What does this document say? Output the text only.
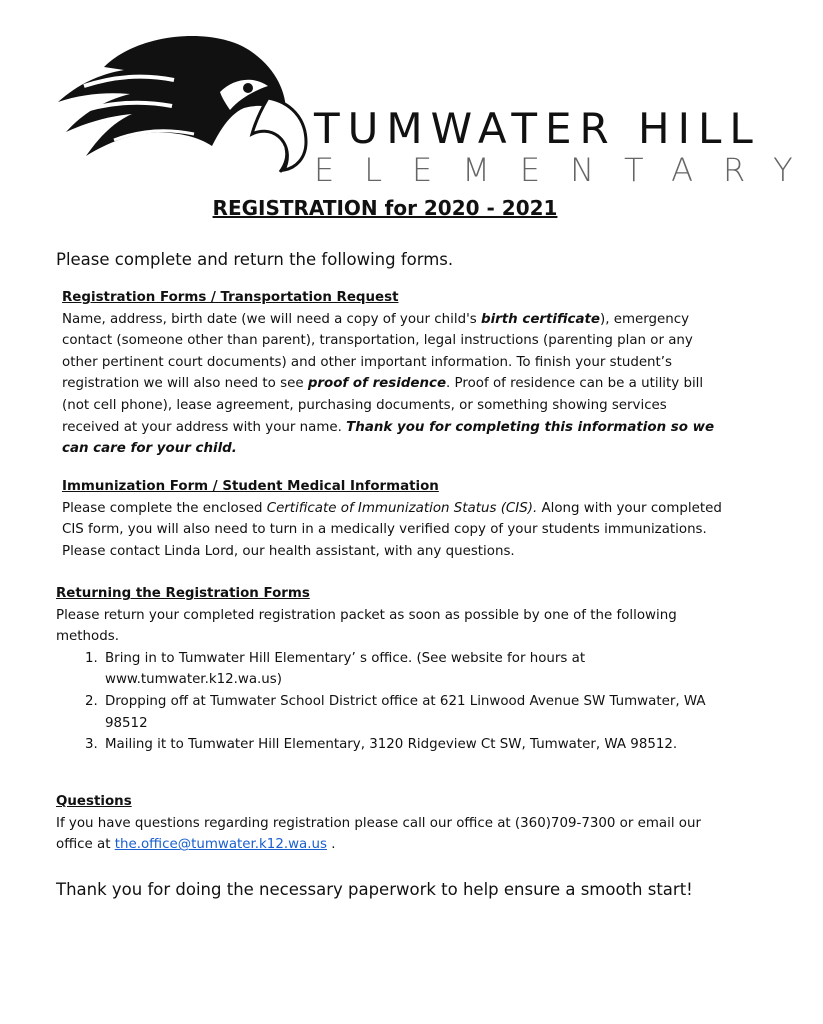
TUMWATER HILL
ELEMENTARY
REGISTRATION for 2020 - 2021
Please complete and return the following forms.
Registration Forms / Transportation Request

Name, address, birth date (we will need a copy of your child's birth certificate), emergency contact (someone other than parent), transportation, legal instructions (parenting plan or any other pertinent court documents) and other important information. To finish your student’s registration we will also need to see proof of residence. Proof of residence can be a utility bill (not cell phone), lease agreement, purchasing documents, or something showing services received at your address with your name. Thank you for completing this information so we can care for your child.

Immunization Form / Student Medical Information

Please complete the enclosed Certificate of Immunization Status (CIS). Along with your completed CIS form, you will also need to turn in a medically verified copy of your students immunizations. Please contact Linda Lord, our health assistant, with any questions.

Returning the Registration Forms

Please return your completed registration packet as soon as possible by one of the following methods.

1. Bring in to Tumwater Hill Elementary’ s office. (See website for hours at www.tumwater.k12.wa.us)
2. Dropping off at Tumwater School District office at 621 Linwood Avenue SW Tumwater, WA 98512
3. Mailing it to Tumwater Hill Elementary, 3120 Ridgeview Ct SW, Tumwater, WA 98512.
Questions

If you have questions regarding registration please call our office at (360)709-7300 or email our office at the.office@tumwater.k12.wa.us .

Thank you for doing the necessary paperwork to help ensure a smooth start!
